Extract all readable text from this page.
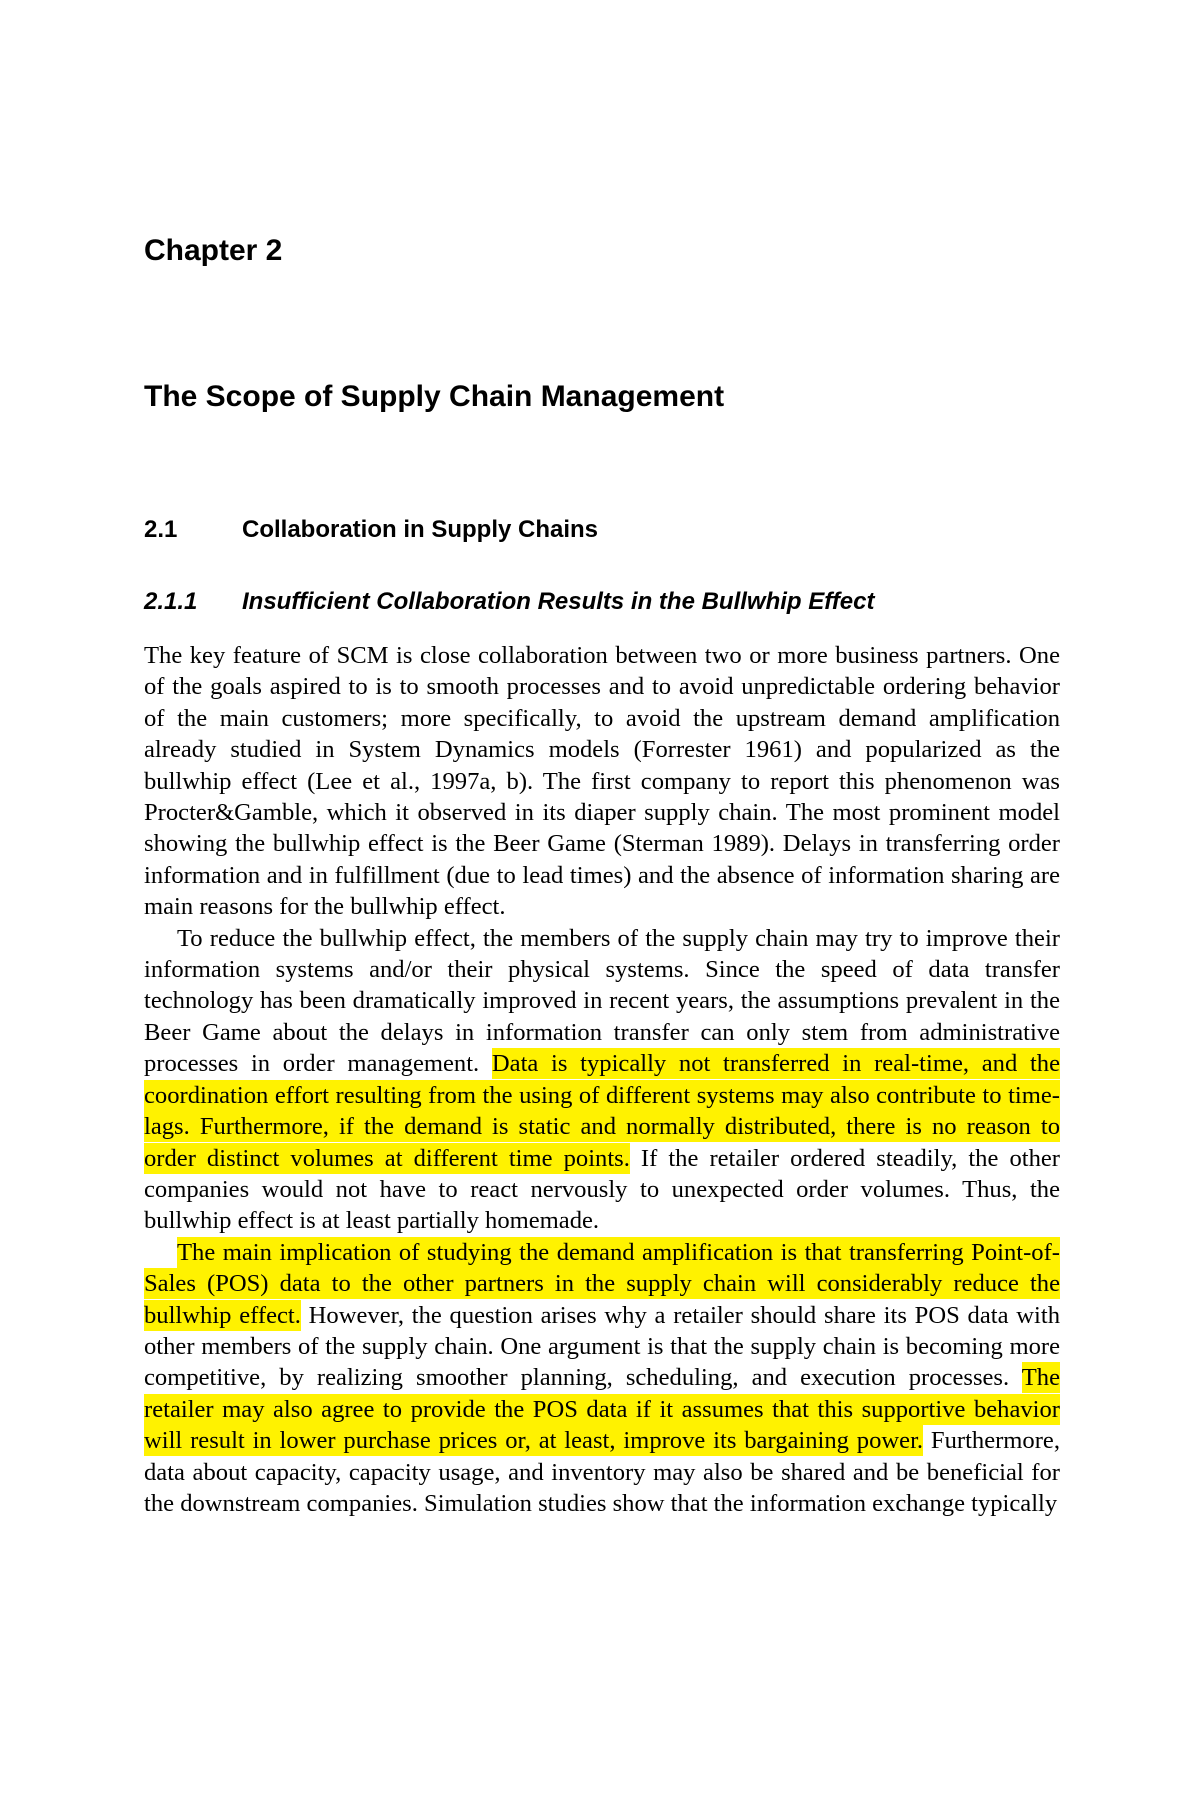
Chapter 2
The Scope of Supply Chain Management
2.1	Collaboration in Supply Chains
2.1.1 Insufficient Collaboration Results in the Bullwhip Effect

The key feature of SCM is close collaboration between two or more business partners. One of the goals aspired to is to smooth processes and to avoid unpredictable ordering behavior of the main customers; more specifically, to avoid the upstream demand amplification already studied in System Dynamics models (Forrester 1961) and popularized as the bullwhip effect (Lee et al., 1997a, b). The first company to report this phenomenon was Procter&Gamble, which it observed in its diaper supply chain. The most prominent model showing the bullwhip effect is the Beer Game (Sterman 1989). Delays in transferring order information and in fulfillment (due to lead times) and the absence of information sharing are main reasons for the bullwhip effect.

To reduce the bullwhip effect, the members of the supply chain may try to improve their information systems and/or their physical systems. Since the speed of data transfer technology has been dramatically improved in recent years, the assumptions prevalent in the Beer Game about the delays in information transfer can only stem from administrative processes in order management. Data is typically not transferred in real-time, and the coordination effort resulting from the using of different systems may also contribute to time-lags. Furthermore, if the demand is static and normally distributed, there is no reason to order distinct volumes at different time points. If the retailer ordered steadily, the other companies would not have to react nervously to unexpected order volumes. Thus, the bullwhip effect is at least partially homemade.

The main implication of studying the demand amplification is that transferring Point-of-Sales (POS) data to the other partners in the supply chain will considerably reduce the bullwhip effect. However, the question arises why a retailer should share its POS data with other members of the supply chain. One argument is that the supply chain is becoming more competitive, by realizing smoother planning, scheduling, and execution processes. The retailer may also agree to provide the POS data if it assumes that this supportive behavior will result in lower purchase prices or, at least, improve its bargaining power. Furthermore, data about capacity, capacity usage, and inventory may also be shared and be beneficial for the downstream companies. Simulation studies show that the information exchange typically
